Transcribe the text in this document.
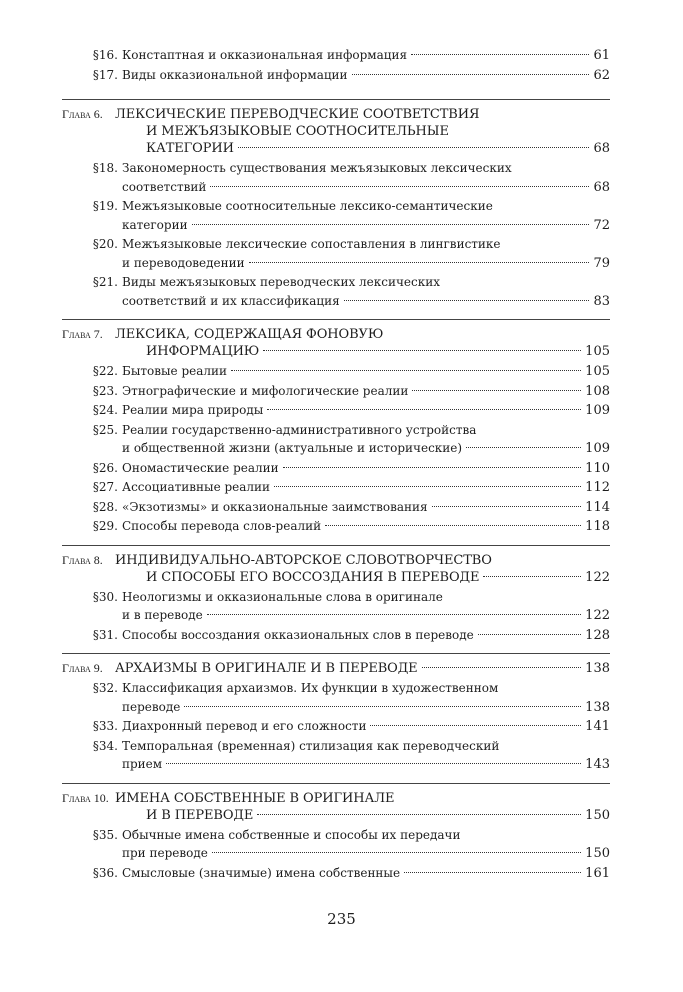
§16. Констаптная и окказиональная информация	61
§17. Виды окказиональной информации	62
Глава 6. ЛЕКСИЧЕСКИЕ ПЕРЕВОДЧЕСКИЕ СООТВЕТСТВИЯ
И МЕЖЪЯЗЫКОВЫЕ СООТНОСИТЕЛЬНЫЕ
КАТЕГОРИИ	68
§18. Закономерность существования межъязыковых лексических
соответствий	68
§19. Межъязыковые соотносительные лексико-семантические
категории	72
§20. Межъязыковые лексические сопоставления в лингвистике
и переводоведении	79
§21. Виды межъязыковых переводческих лексических
соответствий и их классификация	83
Глава 7. ЛЕКСИКА, СОДЕРЖАЩАЯ ФОНОВУЮ
ИНФОРМАЦИЮ	105
§22. Бытовые реалии	105
§23. Этнографические и мифологические реалии	108
§24. Реалии мира природы	109
§25. Реалии государственно-административного устройства
и общественной жизни (актуальные и исторические)	109
§26. Ономастические реалии	110
§27. Ассоциативные реалии	112
§28. «Экзотизмы» и окказиональные заимствования	114
§29. Способы перевода слов-реалий	118
Глава 8. ИНДИВИДУАЛЬНО-АВТОРСКОЕ СЛОВОТВОРЧЕСТВО
И СПОСОБЫ ЕГО ВОССОЗДАНИЯ В ПЕРЕВОДЕ	122
§30. Неологизмы и окказиональные слова в оригинале
и в переводе	122
§31. Способы воссоздания окказиональных слов в переводе	128
Глава 9. АРХАИЗМЫ В ОРИГИНАЛЕ И В ПЕРЕВОДЕ	138
§32. Классификация архаизмов. Их функции в художественном
переводе	138
§33. Диахронный перевод и его сложности	141
§34. Темпоральная (временная) стилизация как переводческий
прием	143
Глава 10. ИМЕНА СОБСТВЕННЫЕ В ОРИГИНАЛЕ
И В ПЕРЕВОДЕ	150
§35. Обычные имена собственные и способы их передачи
при переводе	150
§36. Смысловые (значимые) имена собственные	161
235
